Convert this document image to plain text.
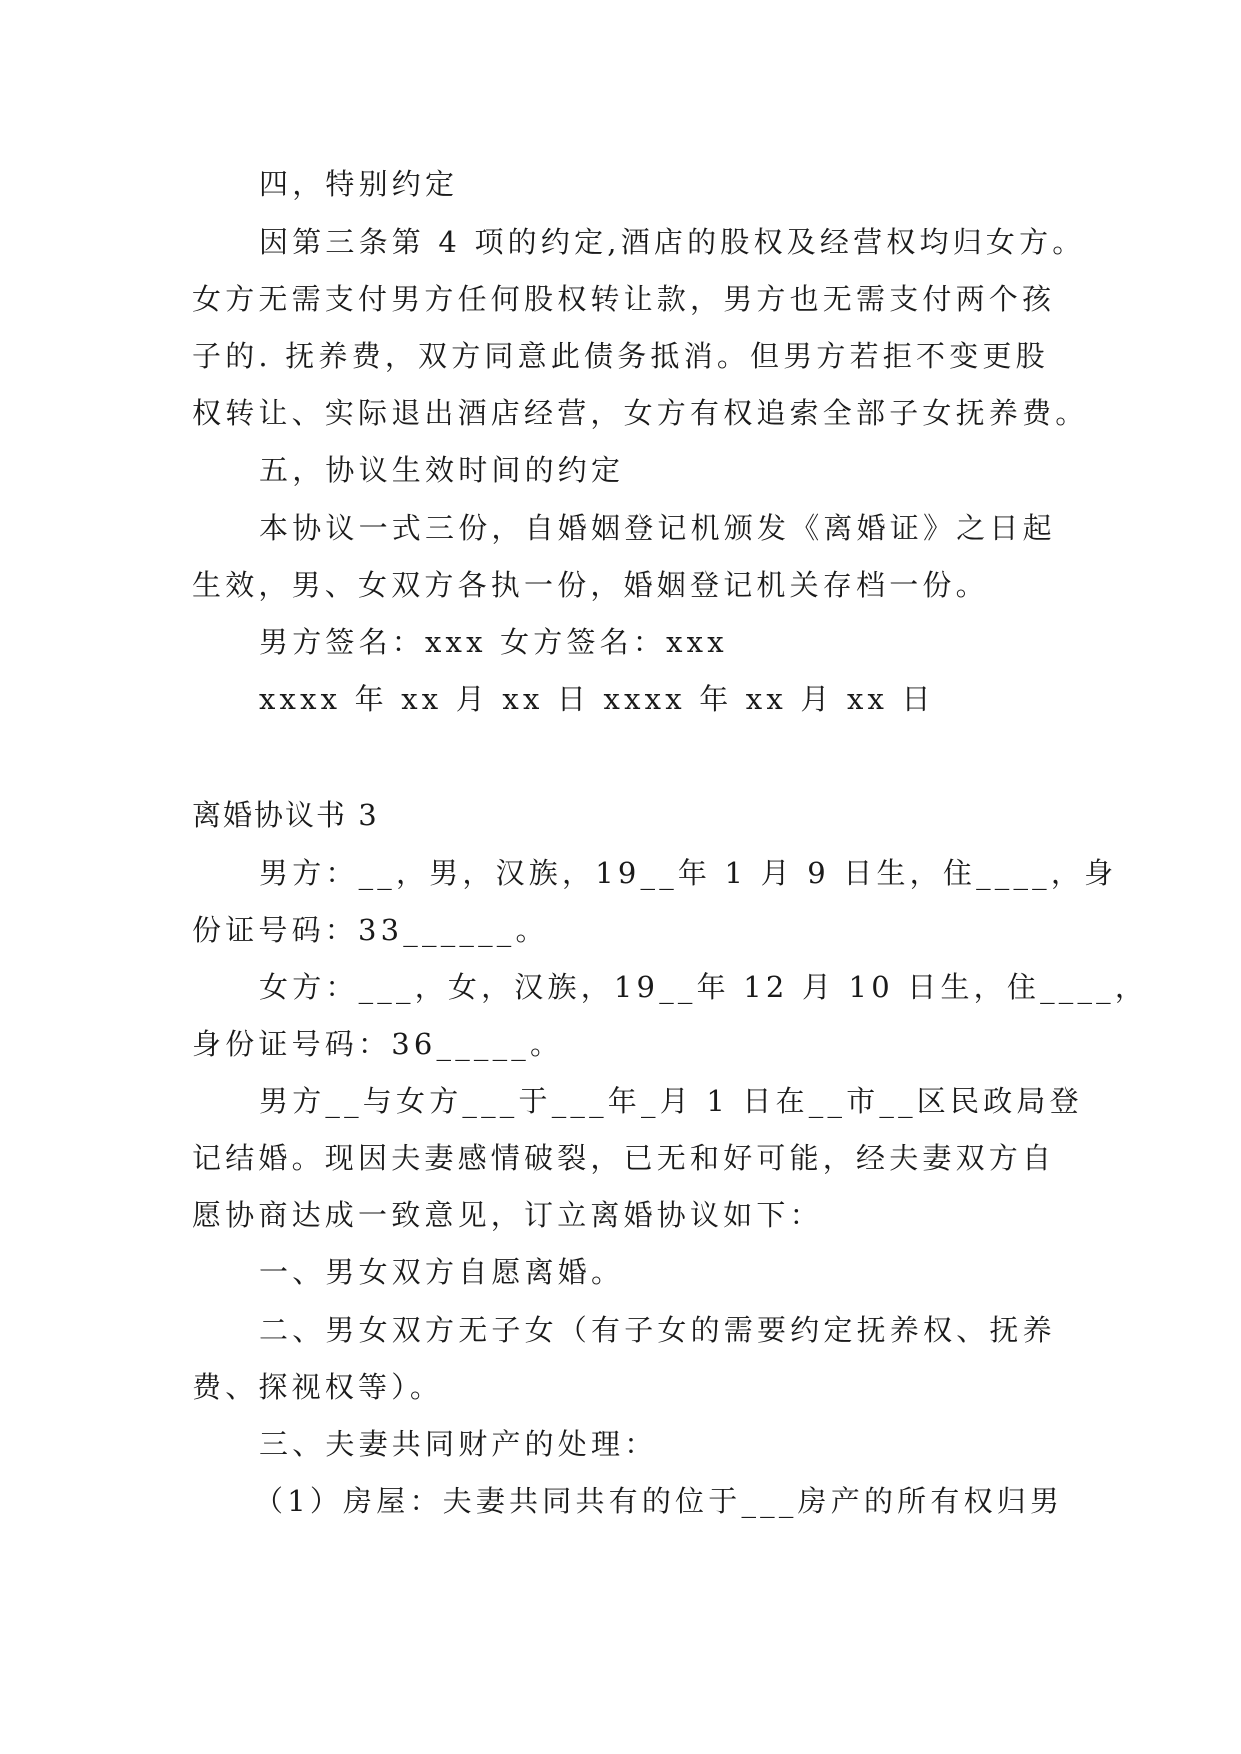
四，特别约定
因第三条第 4 项的约定,酒店的股权及经营权均归女方。
女方无需支付男方任何股权转让款，男方也无需支付两个孩
子的. 抚养费，双方同意此债务抵消。但男方若拒不变更股
权转让、实际退出酒店经营，女方有权追索全部子女抚养费。
五，协议生效时间的约定
本协议一式三份，自婚姻登记机颁发《离婚证》之日起
生效，男、女双方各执一份，婚姻登记机关存档一份。
男方签名：xxx 女方签名：xxx
xxxx 年 xx 月 xx 日 xxxx 年 xx 月 xx 日
离婚协议书 3
男方：__，男，汉族，19__年 1 月 9 日生，住____，身
份证号码：33______。
女方：___，女，汉族，19__年 12 月 10 日生，住____，
身份证号码：36_____。
男方__与女方___于___年_月 1 日在__市__区民政局登
记结婚。现因夫妻感情破裂，已无和好可能，经夫妻双方自
愿协商达成一致意见，订立离婚协议如下：
一、男女双方自愿离婚。
二、男女双方无子女（有子女的需要约定抚养权、抚养
费、探视权等）。
三、夫妻共同财产的处理：
（1）房屋：夫妻共同共有的位于___房产的所有权归男
